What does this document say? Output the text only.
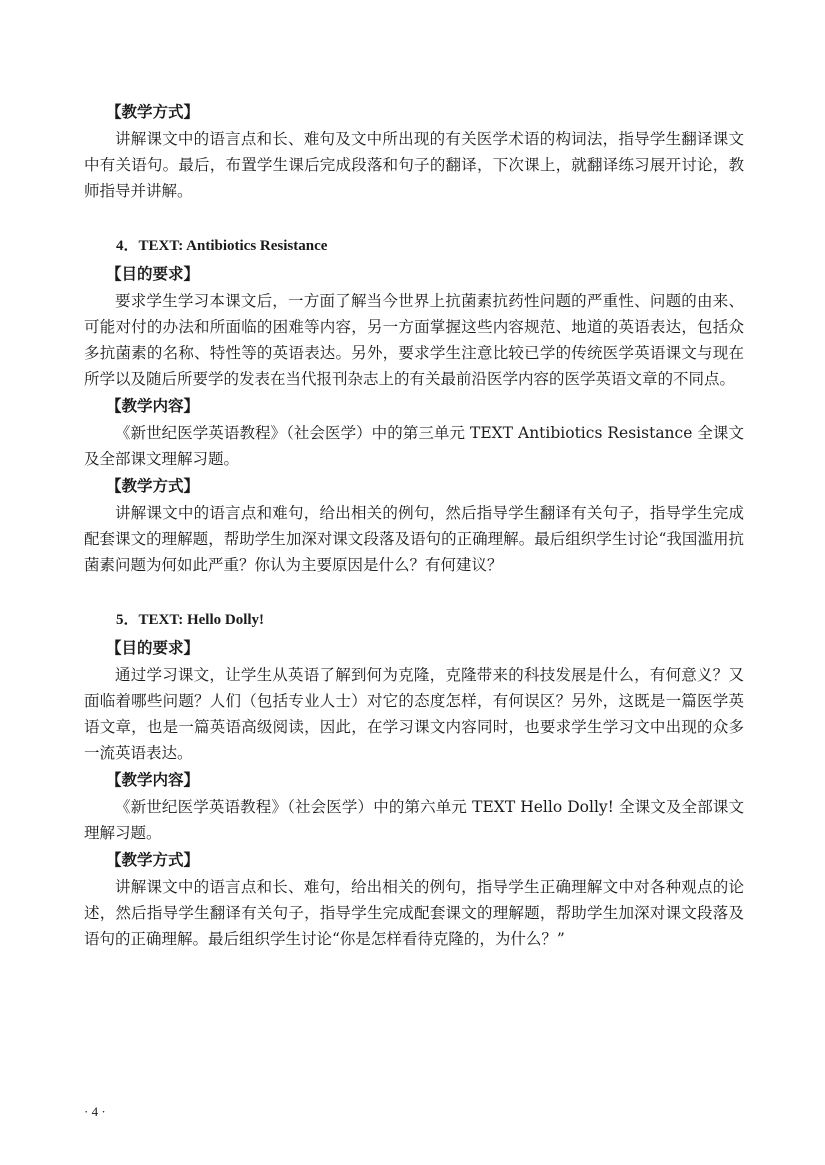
【教学方式】

讲解课文中的语言点和长、难句及文中所出现的有关医学术语的构词法，指导学生翻译课文中有关语句。最后，布置学生课后完成段落和句子的翻译，下次课上，就翻译练习展开讨论，教师指导并讲解。

4．TEXT: Antibiotics Resistance

【目的要求】

要求学生学习本课文后，一方面了解当今世界上抗菌素抗药性问题的严重性、问题的由来、可能对付的办法和所面临的困难等内容，另一方面掌握这些内容规范、地道的英语表达，包括众多抗菌素的名称、特性等的英语表达。另外，要求学生注意比较已学的传统医学英语课文与现在所学以及随后所要学的发表在当代报刊杂志上的有关最前沿医学内容的医学英语文章的不同点。

【教学内容】

《新世纪医学英语教程》（社会医学）中的第三单元 TEXT Antibiotics Resistance 全课文及全部课文理解习题。

【教学方式】

讲解课文中的语言点和难句，给出相关的例句，然后指导学生翻译有关句子，指导学生完成配套课文的理解题，帮助学生加深对课文段落及语句的正确理解。最后组织学生讨论“我国滥用抗菌素问题为何如此严重？你认为主要原因是什么？有何建议？

5．TEXT: Hello Dolly!

【目的要求】

通过学习课文，让学生从英语了解到何为克隆，克隆带来的科技发展是什么，有何意义？又面临着哪些问题？人们（包括专业人士）对它的态度怎样，有何误区？另外，这既是一篇医学英语文章，也是一篇英语高级阅读，因此，在学习课文内容同时，也要求学生学习文中出现的众多一流英语表达。

【教学内容】

《新世纪医学英语教程》（社会医学）中的第六单元 TEXT Hello Dolly! 全课文及全部课文理解习题。

【教学方式】

讲解课文中的语言点和长、难句，给出相关的例句，指导学生正确理解文中对各种观点的论述，然后指导学生翻译有关句子，指导学生完成配套课文的理解题，帮助学生加深对课文段落及语句的正确理解。最后组织学生讨论“你是怎样看待克隆的，为什么？”

· 4 ·
